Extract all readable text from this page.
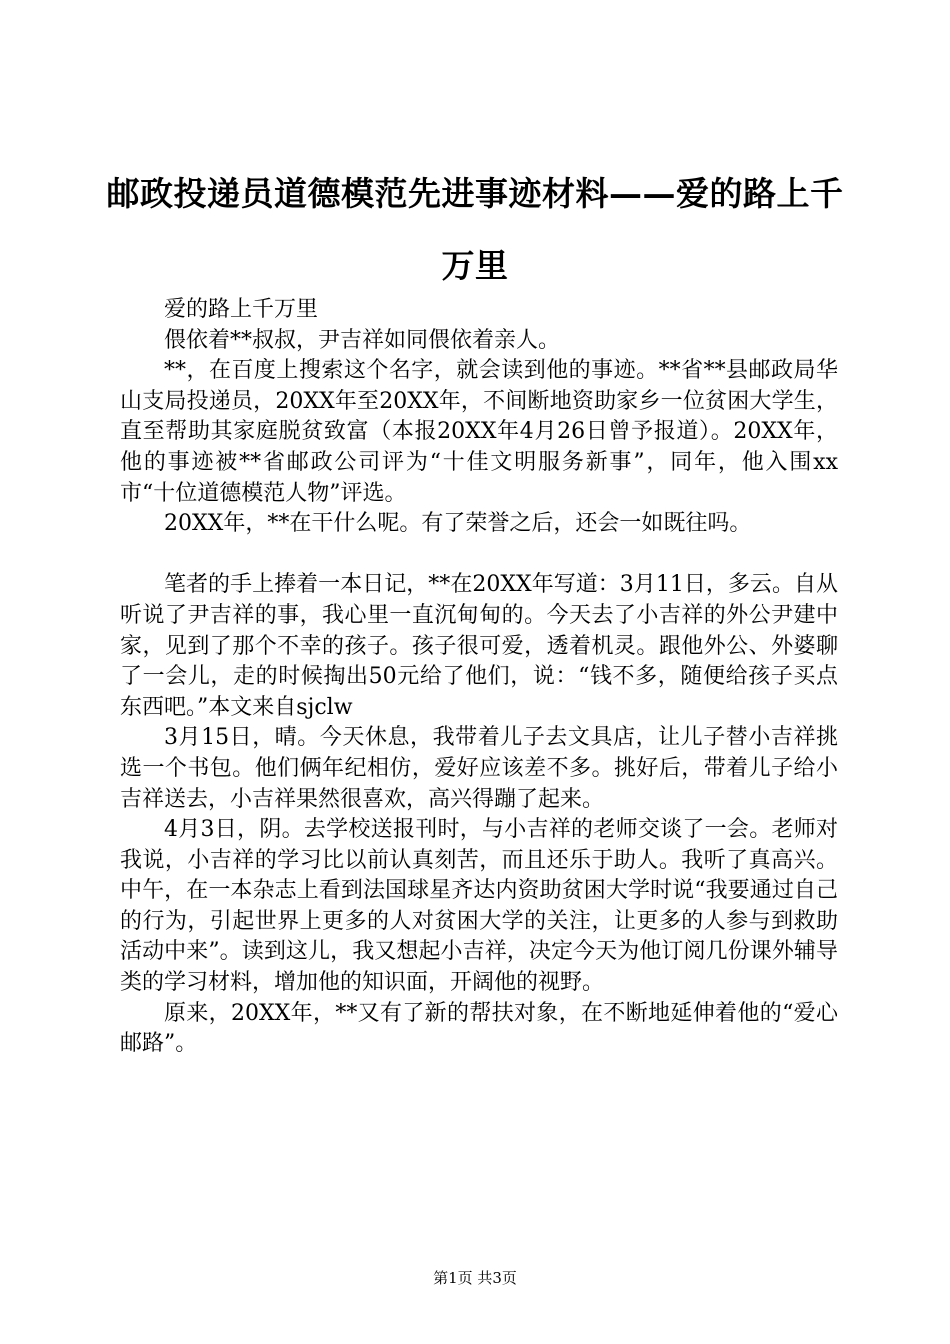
邮政投递员道德模范先进事迹材料——爱的路上千万里

爱的路上千万里

偎依着**叔叔，尹吉祥如同偎依着亲人。

**，在百度上搜索这个名字，就会读到他的事迹。**省**县邮政局华山支局投递员，20XX年至20XX年，不间断地资助家乡一位贫困大学生，直至帮助其家庭脱贫致富（本报20XX年4月26日曾予报道）。20XX年，他的事迹被**省邮政公司评为“十佳文明服务新事”，同年，他入围xx市“十位道德模范人物”评选。

20XX年，**在干什么呢。有了荣誉之后，还会一如既往吗。

笔者的手上捧着一本日记，**在20XX年写道：3月11日，多云。自从听说了尹吉祥的事，我心里一直沉甸甸的。今天去了小吉祥的外公尹建中家，见到了那个不幸的孩子。孩子很可爱，透着机灵。跟他外公、外婆聊了一会儿，走的时候掏出50元给了他们，说：“钱不多，随便给孩子买点东西吧。”本文来自sjclw

3月15日，晴。今天休息，我带着儿子去文具店，让儿子替小吉祥挑选一个书包。他们俩年纪相仿，爱好应该差不多。挑好后，带着儿子给小吉祥送去，小吉祥果然很喜欢，高兴得蹦了起来。

4月3日，阴。去学校送报刊时，与小吉祥的老师交谈了一会。老师对我说，小吉祥的学习比以前认真刻苦，而且还乐于助人。我听了真高兴。中午，在一本杂志上看到法国球星齐达内资助贫困大学时说“我要通过自己的行为，引起世界上更多的人对贫困大学的关注，让更多的人参与到救助活动中来”。读到这儿，我又想起小吉祥，决定今天为他订阅几份课外辅导类的学习材料，增加他的知识面，开阔他的视野。

原来，20XX年，**又有了新的帮扶对象，在不断地延伸着他的“爱心邮路”。

第1页 共3页
